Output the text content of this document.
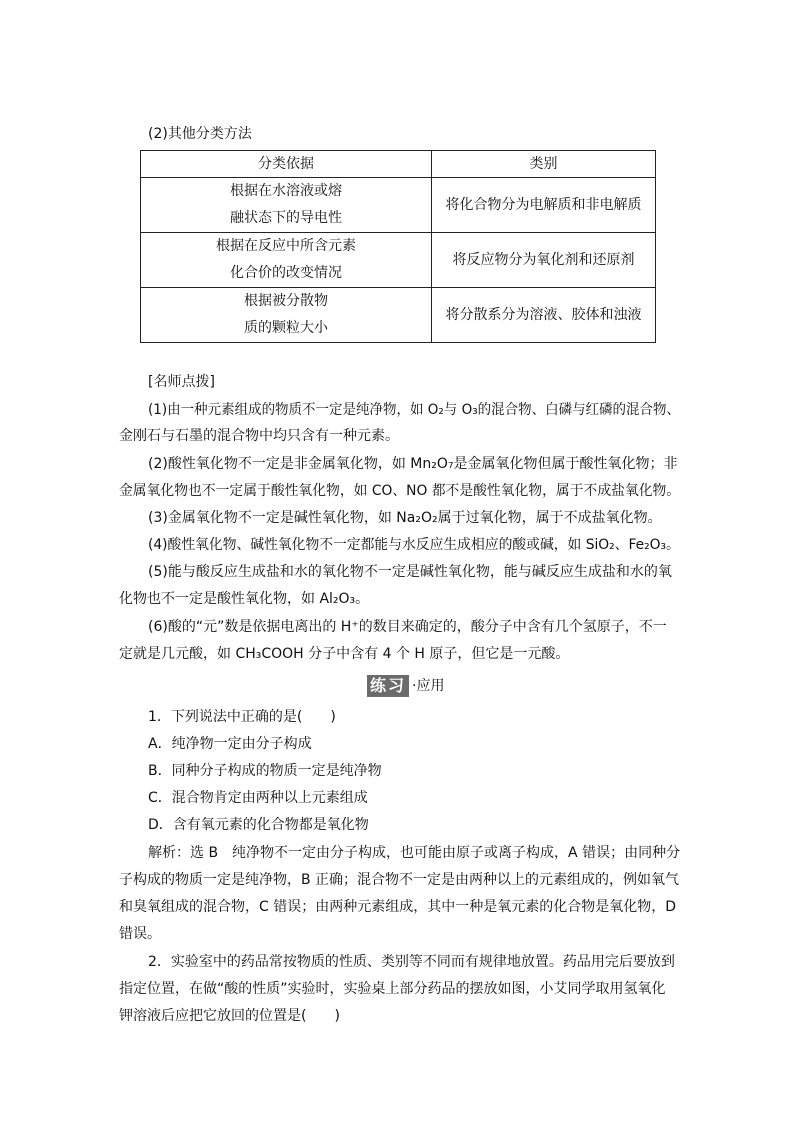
(2)其他分类方法
分类依据	类别

根据在水溶液或熔
融状态下的导电性	将化合物分为电解质和非电解质

根据在反应中所含元素
化合价的改变情况	将反应物分为氧化剂和还原剂

根据被分散物
质的颗粒大小	将分散系分为溶液、胶体和浊液
[名师点拨]
(1)由一种元素组成的物质不一定是纯净物，如 O₂与 O₃的混合物、白磷与红磷的混合物、
金刚石与石墨的混合物中均只含有一种元素。
(2)酸性氧化物不一定是非金属氧化物，如 Mn₂O₇是金属氧化物但属于酸性氧化物；非
金属氧化物也不一定属于酸性氧化物，如 CO、NO 都不是酸性氧化物，属于不成盐氧化物。
(3)金属氧化物不一定是碱性氧化物，如 Na₂O₂属于过氧化物，属于不成盐氧化物。
(4)酸性氧化物、碱性氧化物不一定都能与水反应生成相应的酸或碱，如 SiO₂、Fe₂O₃。
(5)能与酸反应生成盐和水的氧化物不一定是碱性氧化物，能与碱反应生成盐和水的氧
化物也不一定是酸性氧化物，如 Al₂O₃。
(6)酸的“元”数是依据电离出的 H⁺的数目来确定的，酸分子中含有几个氢原子，不一
定就是几元酸，如 CH₃COOH 分子中含有 4 个 H 原子，但它是一元酸。
练习 ·应用
1．下列说法中正确的是(　　)
A．纯净物一定由分子构成
B．同种分子构成的物质一定是纯净物
C．混合物肯定由两种以上元素组成
D．含有氧元素的化合物都是氧化物
解析：选 B　纯净物不一定由分子构成，也可能由原子或离子构成，A 错误；由同种分
子构成的物质一定是纯净物，B 正确；混合物不一定是由两种以上的元素组成的，例如氧气
和臭氧组成的混合物，C 错误；由两种元素组成，其中一种是氧元素的化合物是氧化物，D
错误。
2．实验室中的药品常按物质的性质、类别等不同而有规律地放置。药品用完后要放到
指定位置，在做“酸的性质”实验时，实验桌上部分药品的摆放如图，小艾同学取用氢氧化
钾溶液后应把它放回的位置是(　　)
